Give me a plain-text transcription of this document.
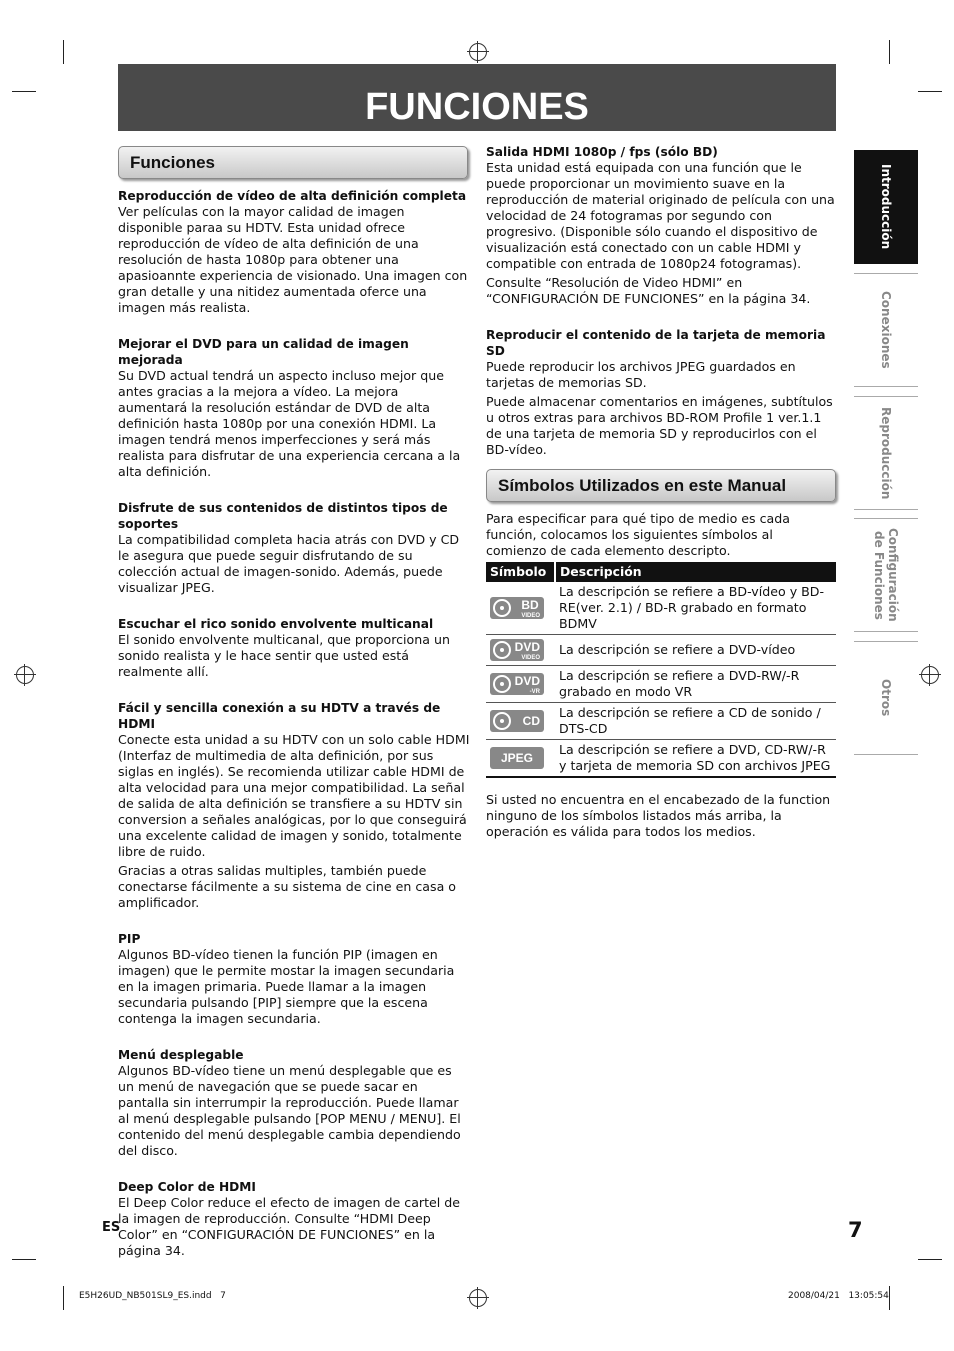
FUNCIONES
Funciones
Reproducción de vídeo de alta definición completa

Ver películas con la mayor calidad de imagen disponible paraa su HDTV. Esta unidad ofrece reproducción de vídeo de alta definición de una resolución de hasta 1080p para obtener una apasioannte experiencia de visionado. Una imagen con gran detalle y una nitidez aumentada oferce una imagen más realista.

Mejorar el DVD para un calidad de imagen mejorada

Su DVD actual tendrá un aspecto incluso mejor que antes gracias a la mejora a vídeo. La mejora aumentará la resolución estándar de DVD de alta definición hasta 1080p por una conexión HDMI. La imagen tendrá menos imperfecciones y será más realista para disfrutar de una experiencia cercana a la alta definición.

Disfrute de sus contenidos de distintos tipos de soportes

La compatibilidad completa hacia atrás con DVD y CD le asegura que puede seguir disfrutando de su colección actual de imagen-sonido. Además, puede visualizar JPEG.

Escuchar el rico sonido envolvente multicanal

El sonido envolvente multicanal, que proporciona un sonido realista y le hace sentir que usted está realmente allí.

Fácil y sencilla conexión a su HDTV a través de HDMI

Conecte esta unidad a su HDTV con un solo cable HDMI (Interfaz de multimedia de alta definición, por sus siglas en inglés). Se recomienda utilizar cable HDMI de alta velocidad para una mejor compatibilidad. La señal de salida de alta definición se transfiere a su HDTV sin conversion a señales analógicas, por lo que conseguirá una excelente calidad de imagen y sonido, totalmente libre de ruido.

Gracias a otras salidas multiples, también puede conectarse fácilmente a su sistema de cine en casa o amplificador.

PIP

Algunos BD-vídeo tienen la función PIP (imagen en imagen) que le permite mostar la imagen secundaria en la imagen primaria. Puede llamar a la imagen secundaria pulsando [PIP] siempre que la escena contenga la imagen secundaria.

Menú desplegable

Algunos BD-vídeo tiene un menú desplegable que es un menú de navegación que se puede sacar en pantalla sin interrumpir la reproducción. Puede llamar al menú desplegable pulsando [POP MENU / MENU]. El contenido del menú desplegable cambia dependiendo del disco.

Deep Color de HDMI

El Deep Color reduce el efecto de imagen de cartel de la imagen de reproducción. Consulte “HDMI Deep Color” en “CONFIGURACIÓN DE FUNCIONES” en la página 34.

Salida HDMI 1080p / fps (sólo BD)

Esta unidad está equipada con una función que le puede proporcionar un movimiento suave en la reproducción de material originado de película con una velocidad de 24 fotogramas por segundo con progresivo. (Disponible sólo cuando el dispositivo de visualización está conectado con un cable HDMI y compatible con entrada de 1080p24 fotogramas).

Consulte “Resolución de Video HDMI” en “CONFIGURACIÓN DE FUNCIONES” en la página 34.

Reproducir el contenido de la tarjeta de memoria SD

Puede reproducir los archivos JPEG guardados en tarjetas de memorias SD.

Puede almacenar comentarios en imágenes, subtítulos u otros extras para archivos BD-ROM Profile 1 ver.1.1 de una tarjeta de memoria SD y reproducirlos con el BD-vídeo.

Símbolos Utilizados en este Manual
Para especificar para qué tipo de medio es cada función, colocamos los siguientes símbolos al comienzo de cada elemento descripto.
Símbolo	Descripción

BD
VIDEO	La descripción se refiere a BD-vídeo y BD-RE(ver. 2.1) / BD-R grabado en formato BDMV

DVD
VIDEO	La descripción se refiere a DVD-vídeo

DVD
-VR	La descripción se refiere a DVD-RW/-R grabado en modo VR

CD	La descripción se refiere a CD de sonido / DTS-CD

JPEG	La descripción se refiere a DVD, CD-RW/-R y tarjeta de memoria SD con archivos JPEG
Si usted no encuentra en el encabezado de la function ninguno de los símbolos listados más arriba, la operación es válida para todos los medios.
Introducción
Conexiones
Reproducción
Configuración de Funciones
Otros
ES	7
E5H26UD_NB501SL9_ES.indd   7	2008/04/21   13:05:54
